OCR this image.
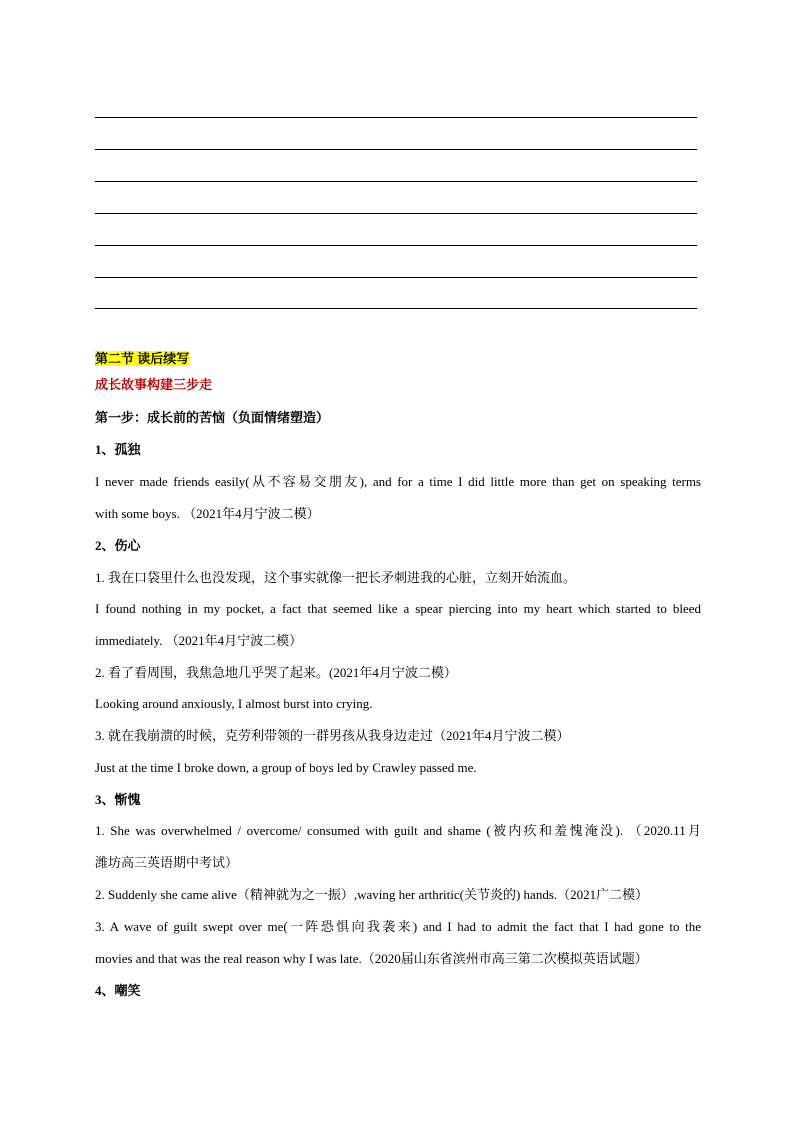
第二节 读后续写
成长故事构建三步走
第一步：成长前的苦恼（负面情绪塑造）
1、孤独
I never made friends easily(从不容易交朋友), and for a time I did little more than get on speaking terms
with some boys. （2021年4月宁波二模）
2、伤心
1. 我在口袋里什么也没发现，这个事实就像一把长矛刺进我的心脏，立刻开始流血。
I found nothing in my pocket, a fact that seemed like a spear piercing into my heart which started to bleed
immediately. （2021年4月宁波二模）
2. 看了看周围，我焦急地几乎哭了起来。(2021年4月宁波二模）
Looking around anxiously, I almost burst into crying.
3. 就在我崩溃的时候，克劳利带领的一群男孩从我身边走过（2021年4月宁波二模）
Just at the time I broke down, a group of boys led by Crawley passed me.
3、惭愧
1. She was overwhelmed / overcome/ consumed with guilt and shame (被内疚和羞愧淹没). （2020.11月
潍坊高三英语期中考试）
2. Suddenly she came alive（精神就为之一振）,waving her arthritic(关节炎的) hands.（2021广二模）
3. A wave of guilt swept over me(一阵恐惧向我袭来) and I had to admit the fact that I had gone to the
movies and that was the real reason why I was late.（2020届山东省滨州市高三第二次模拟英语试题）
4、嘲笑
